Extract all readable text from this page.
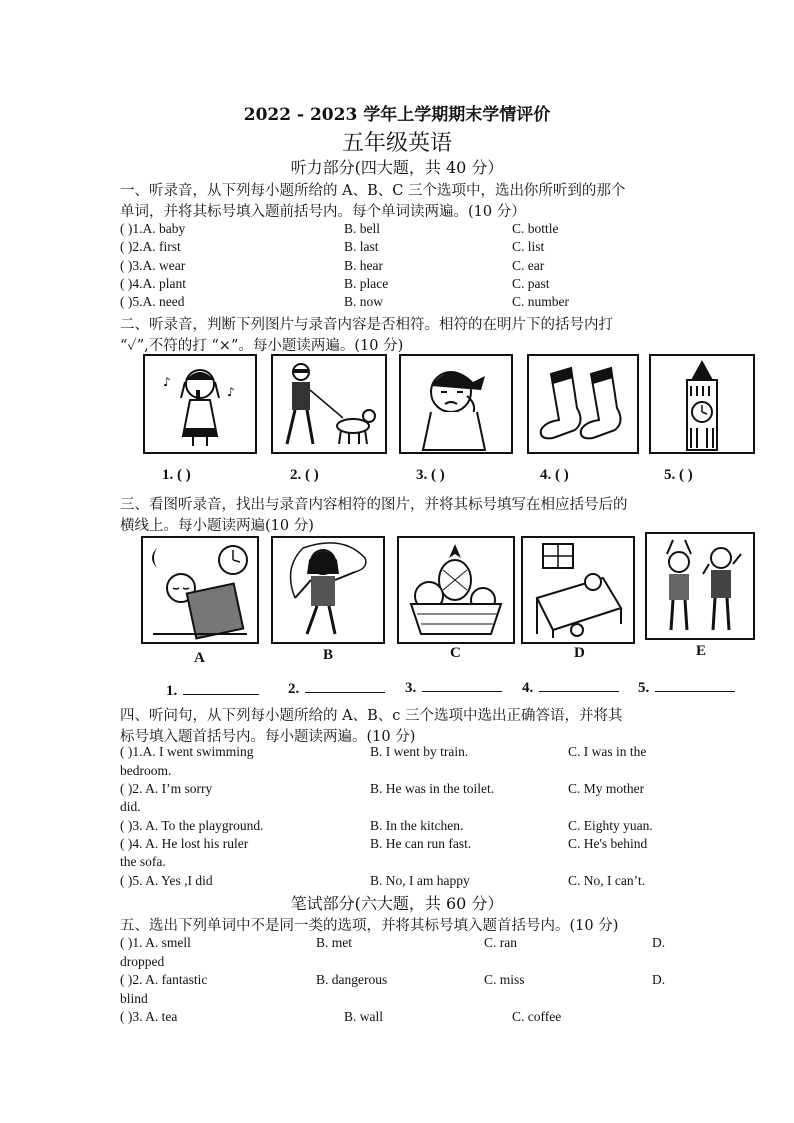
2022 - 2023 学年上学期期末学情评价
五年级英语
听力部分(四大题，共 40 分）
一、听录音，从下列每小题所给的 A、B、C 三个选项中，选出你所听到的那个
单词，并将其标号填入题前括号内。每个单词读两遍。(10 分）
( )1.A. baby	B. bell	C. bottle
( )2.A. first	B. last	C. list
( )3.A. wear	B. hear	C. ear
( )4.A. plant	B. place	C. past
( )5.A. need	B. now	C. number
二、听录音，判断下列图片与录音内容是否相符。相符的在明片下的括号内打
“✓”,不符的打 “×”。每小题读两遍。(10 分)
♪
♪
1. ( )	2. ( )	3. ( )	4. ( )	5. ( )
三、看图听录音，找出与录音内容相符的图片，并将其标号填写在相应括号后的
横线上。每小题读两遍(10 分)
A	B	C	D	E
1.	2.	3.	4.	5.
四、听问句，从下列每小题所给的 A、B、c 三个选项中选出正确答语，并将其
标号填入题首括号内。每小题读两遍。(10 分)
( )1.A. I went swimming	B. I went by train.	C. I was in the
bedroom.
( )2. A. I’m sorry	B. He was in the toilet.	C. My mother
did.
( )3. A. To the playground.	B. In the kitchen.	C. Eighty yuan.
( )4. A. He lost his ruler	B. He can run fast.	C. He's behind
the sofa.
( )5. A. Yes ,I did	B. No, I am happy	C. No, I can’t.
笔试部分(六大题，共 60 分）
五、选出下列单词中不是同一类的选项，并将其标号填入题首括号内。(10 分)
( )1. A. smell	B. met	C. ran	D.
dropped
( )2. A. fantastic	B. dangerous	C. miss	D.
blind
( )3. A. tea	B. wall	C. coffee
